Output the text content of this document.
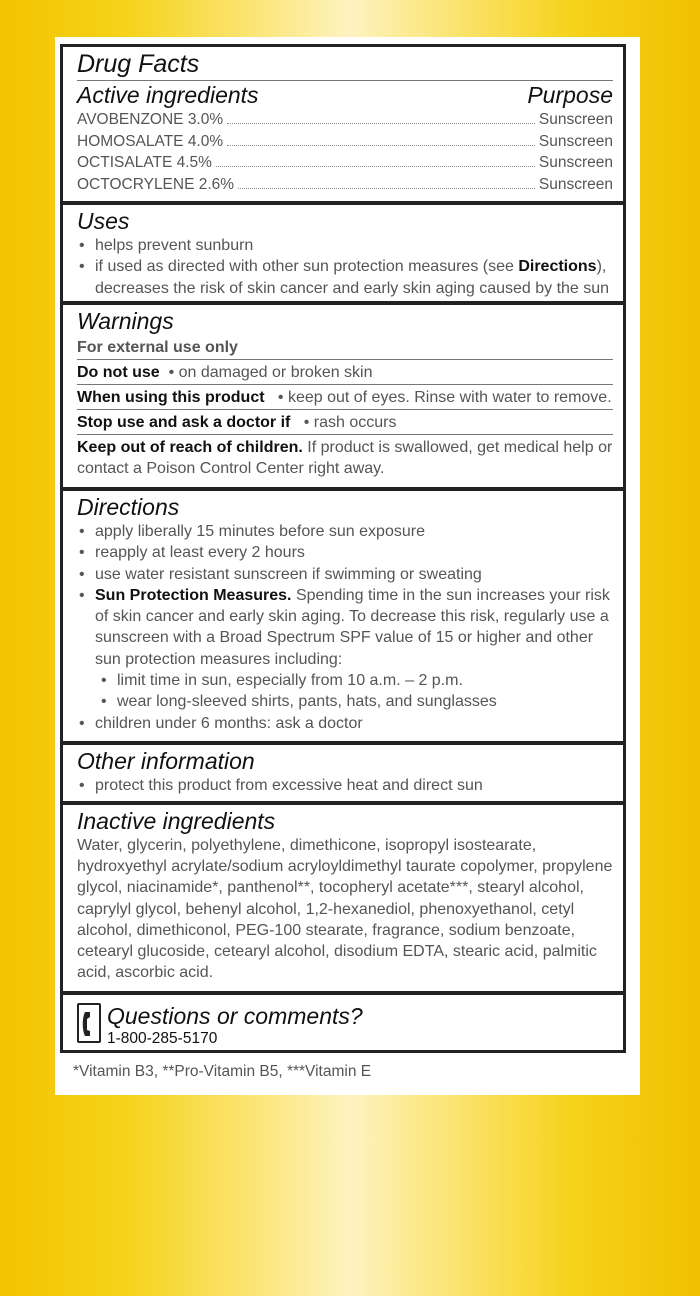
Drug Facts
Active ingredients	Purpose
AVOBENZONE 3.0%	Sunscreen
HOMOSALATE 4.0%	Sunscreen
OCTISALATE 4.5%	Sunscreen
OCTOCRYLENE 2.6%	Sunscreen
Uses
• helps prevent sunburn
• if used as directed with other sun protection measures (see Directions), decreases the risk of skin cancer and early skin aging caused by the sun
Warnings
For external use only
Do not use • on damaged or broken skin
When using this product • keep out of eyes. Rinse with water to remove.
Stop use and ask a doctor if • rash occurs
Keep out of reach of children. If product is swallowed, get medical help or contact a Poison Control Center right away.
Directions
• apply liberally 15 minutes before sun exposure
• reapply at least every 2 hours
• use water resistant sunscreen if swimming or sweating
• Sun Protection Measures. Spending time in the sun increases your risk of skin cancer and early skin aging. To decrease this risk, regularly use a sunscreen with a Broad Spectrum SPF value of 15 or higher and other sun protection measures including:
• limit time in sun, especially from 10 a.m. – 2 p.m.
• wear long-sleeved shirts, pants, hats, and sunglasses
• children under 6 months: ask a doctor
Other information
• protect this product from excessive heat and direct sun
Inactive ingredients
Water, glycerin, polyethylene, dimethicone, isopropyl isostearate, hydroxyethyl acrylate/sodium acryloyldimethyl taurate copolymer, propylene glycol, niacinamide*, panthenol**, tocopheryl acetate***, stearyl alcohol, caprylyl glycol, behenyl alcohol, 1,2-hexanediol, phenoxyethanol, cetyl alcohol, dimethiconol, PEG-100 stearate, fragrance, sodium benzoate, cetearyl glucoside, cetearyl alcohol, disodium EDTA, stearic acid, palmitic acid, ascorbic acid.
Questions or comments?
1-800-285-5170
*Vitamin B3, **Pro-Vitamin B5, ***Vitamin E
